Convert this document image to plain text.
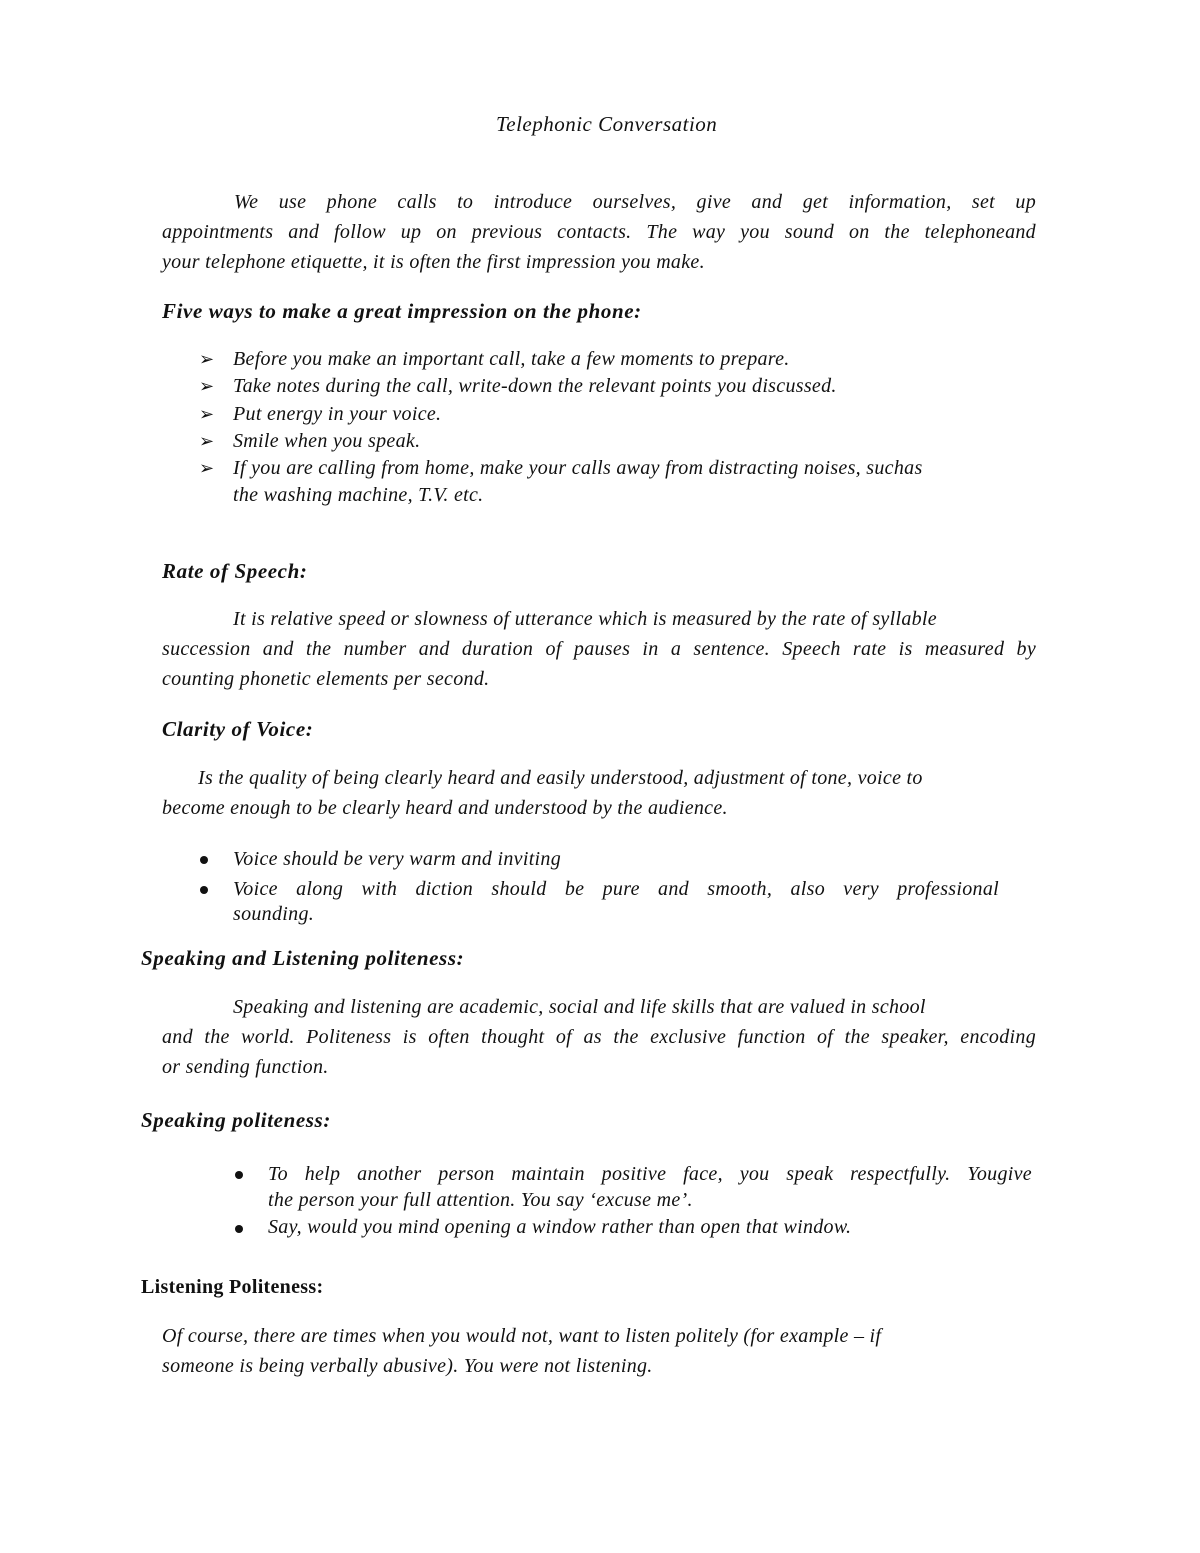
Telephonic Conversation
We use phone calls to introduce ourselves, give and get information, set up
appointments and follow up on previous contacts. The way you sound on the telephoneand
your telephone etiquette, it is often the first impression you make.
Five ways to make a great impression on the phone:
➢ Before you make an important call, take a few moments to prepare.
➢ Take notes during the call, write-down the relevant points you discussed.
➢ Put energy in your voice.
➢ Smile when you speak.
➢ If you are calling from home, make your calls away from distracting noises, suchas
the washing machine, T.V. etc.
Rate of Speech:
It is relative speed or slowness of utterance which is measured by the rate of syllable
succession and the number and duration of pauses in a sentence. Speech rate is measured by
counting phonetic elements per second.
Clarity of Voice:
Is the quality of being clearly heard and easily understood, adjustment of tone, voice to
become enough to be clearly heard and understood by the audience.
Voice should be very warm and inviting
Voice along with diction should be pure and smooth, also very professional
sounding.
Speaking and Listening politeness:
Speaking and listening are academic, social and life skills that are valued in school
and the world. Politeness is often thought of as the exclusive function of the speaker, encoding
or sending function.
Speaking politeness:
To help another person maintain positive face, you speak respectfully. Yougive
the person your full attention. You say ‘excuse me’.
Say, would you mind opening a window rather than open that window.
Listening Politeness:
Of course, there are times when you would not, want to listen politely (for example – if
someone is being verbally abusive). You were not listening.
